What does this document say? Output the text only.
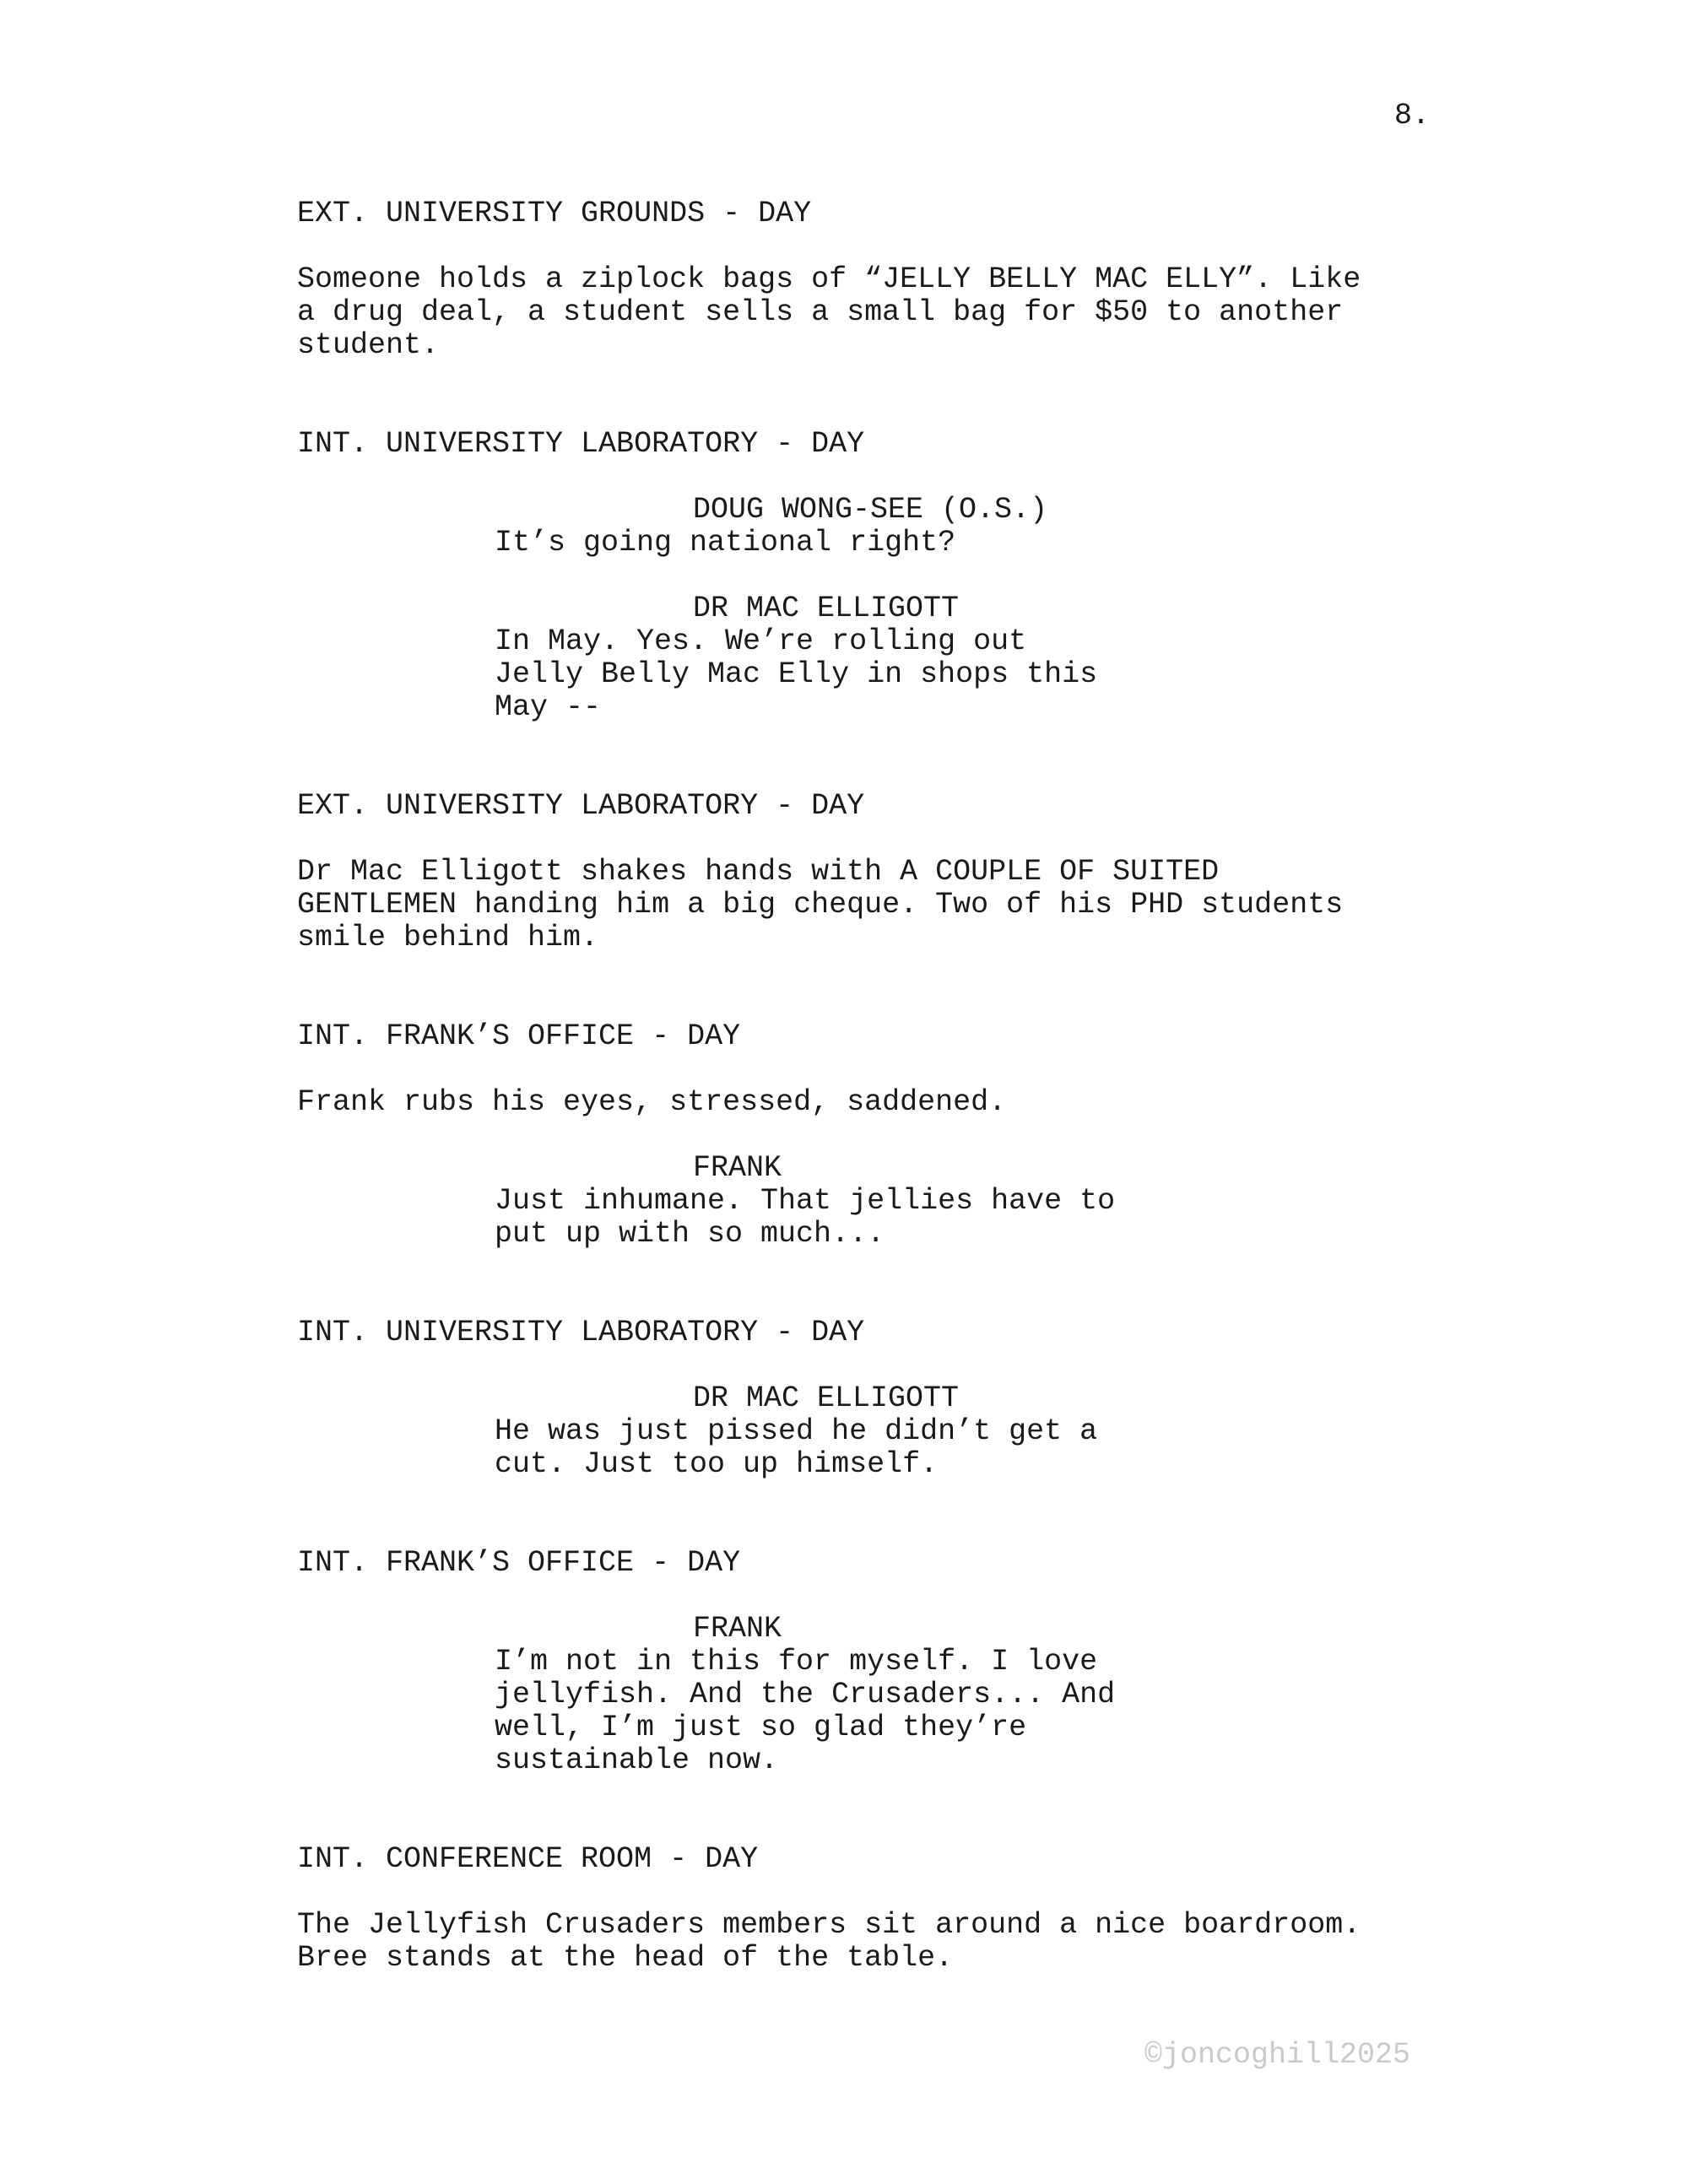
8.
EXT. UNIVERSITY GROUNDS - DAY
Someone holds a ziplock bags of “JELLY BELLY MAC ELLY”. Like
a drug deal, a student sells a small bag for $50 to another
student.
INT. UNIVERSITY LABORATORY - DAY
DOUG WONG-SEE (O.S.)
It’s going national right?
DR MAC ELLIGOTT
In May. Yes. We’re rolling out
Jelly Belly Mac Elly in shops this
May --
EXT. UNIVERSITY LABORATORY - DAY
Dr Mac Elligott shakes hands with A COUPLE OF SUITED
GENTLEMEN handing him a big cheque. Two of his PHD students
smile behind him.
INT. FRANK’S OFFICE - DAY
Frank rubs his eyes, stressed, saddened.
FRANK
Just inhumane. That jellies have to
put up with so much...
INT. UNIVERSITY LABORATORY - DAY
DR MAC ELLIGOTT
He was just pissed he didn’t get a
cut. Just too up himself.
INT. FRANK’S OFFICE - DAY
FRANK
I’m not in this for myself. I love
jellyfish. And the Crusaders... And
well, I’m just so glad they’re
sustainable now.
INT. CONFERENCE ROOM - DAY
The Jellyfish Crusaders members sit around a nice boardroom.
Bree stands at the head of the table.
©joncoghill2025
